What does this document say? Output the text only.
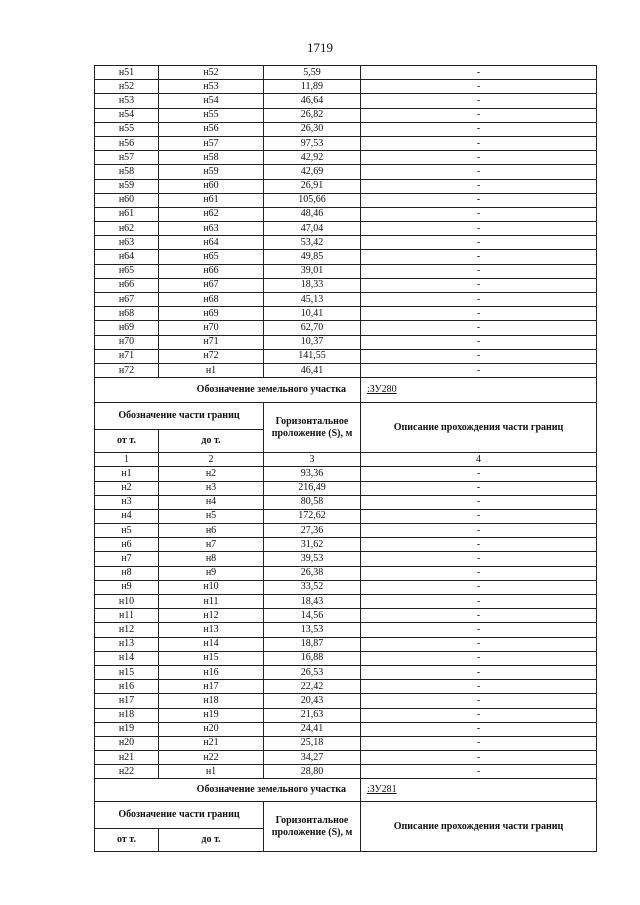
1719
н51	н52	5,59	-
н52	н53	11,89	-
н53	н54	46,64	-
н54	н55	26,82	-
н55	н56	26,30	-
н56	н57	97,53	-
н57	н58	42,92	-
н58	н59	42,69	-
н59	н60	26,91	-
н60	н61	105,66	-
н61	н62	48,46	-
н62	н63	47,04	-
н63	н64	53,42	-
н64	н65	49,85	-
н65	н66	39,01	-
н66	н67	18,33	-
н67	н68	45,13	-
н68	н69	10,41	-
н69	н70	62,70	-
н70	н71	10,37	-
н71	н72	141,55	-
н72	н1	46,41	-
Обозначение земельного участка			:ЗУ280
Обозначение части границ		Горизонтальное проложение (S), м	Описание прохождения части границ
от т.	до т.		
1	2	3	4
н1	н2	93,36	-
н2	н3	216,49	-
н3	н4	80,58	-
н4	н5	172,62	-
н5	н6	27,36	-
н6	н7	31,62	-
н7	н8	39,53	-
н8	н9	26,38	-
н9	н10	33,52	-
н10	н11	18,43	-
н11	н12	14,56	-
н12	н13	13,53	-
н13	н14	18,87	-
н14	н15	16,88	-
н15	н16	26,53	-
н16	н17	22,42	-
н17	н18	20,43	-
н18	н19	21,63	-
н19	н20	24,41	-
н20	н21	25,18	-
н21	н22	34,27	-
н22	н1	28,80	-
Обозначение земельного участка			:ЗУ281
Обозначение части границ		Горизонтальное проложение (S), м	Описание прохождения части границ
от т.	до т.		
